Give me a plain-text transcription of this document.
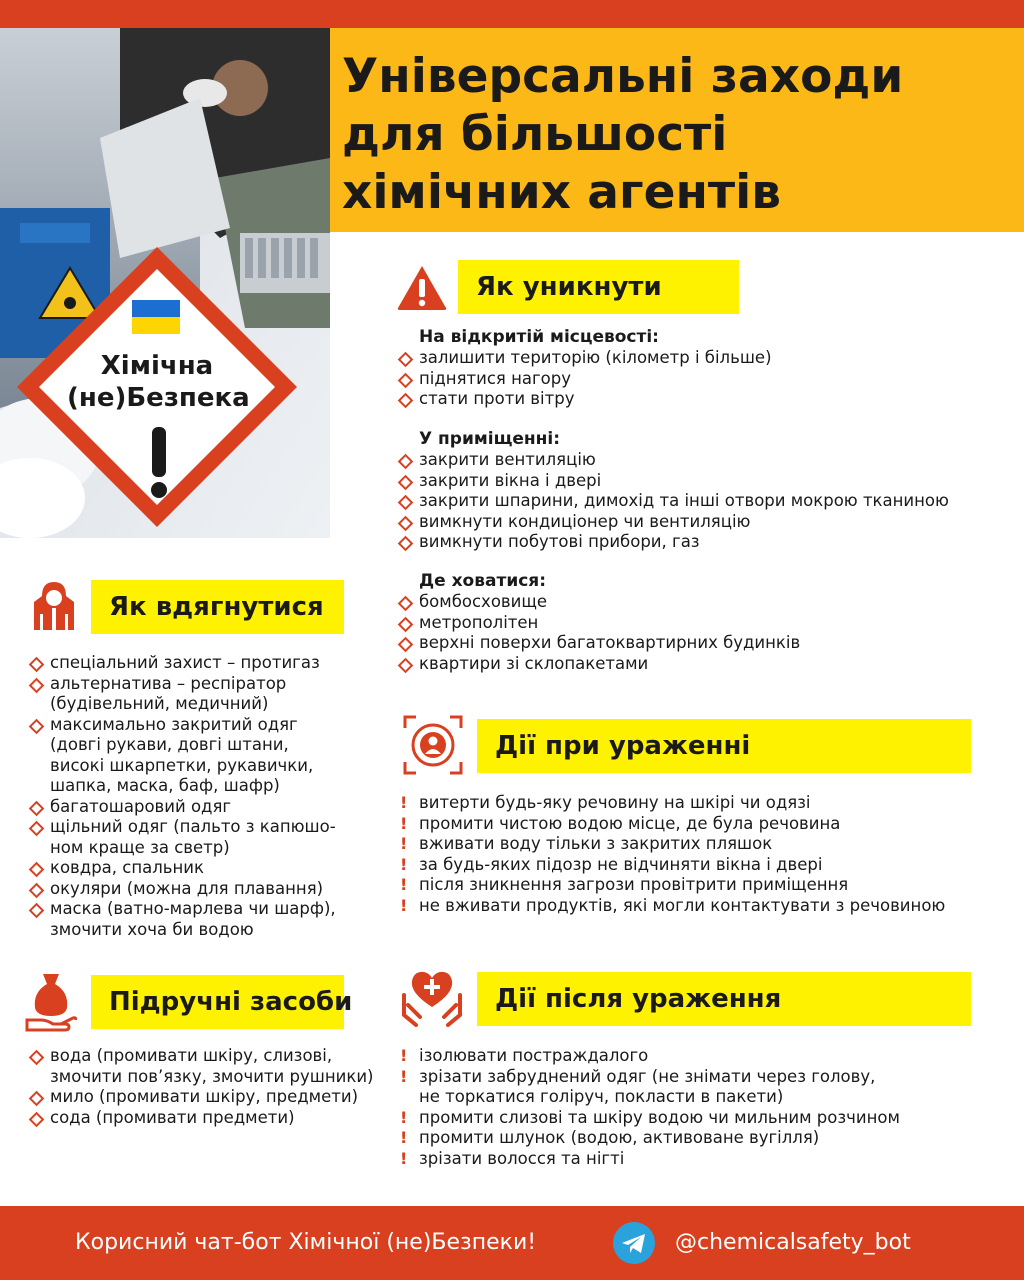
Універсальні заходи
для більшості
хімічних агентів
Хімічна
(не)Безпека
Як уникнути
На відкритій місцевості:
залишити територію (кілометр і більше)
піднятися нагору
стати проти вітру
У приміщенні:
закрити вентиляцію
закрити вікна і двері
закрити шпарини, димохід та інші отвори мокрою тканиною
вимкнути кондиціонер чи вентиляцію
вимкнути побутові прибори, газ
Де ховатися:
бомбосховище
метрополітен
верхні поверхи багатоквартирних будинків
квартири зі склопакетами
Як вдягнутися
спеціальний захист – протигаз
альтернатива – респіратор
(будівельний, медичний)
максимально закритий одяг
(довгі рукави, довгі штани,
високі шкарпетки, рукавички,
шапка, маска, баф, шафр)
багатошаровий одяг
щільний одяг (пальто з капюшо-
ном краще за светр)
ковдра, спальник
окуляри (можна для плавання)
маска (ватно-марлева чи шарф),
змочити хоча би водою
Дії при ураженні
! витерти будь-яку речовину на шкірі чи одязі
! промити чистою водою місце, де була речовина
! вживати воду тільки з закритих пляшок
! за будь-яких підозр не відчиняти вікна і двері
! після зникнення загрози провітрити приміщення
! не вживати продуктів, які могли контактувати з речовиною
Підручні засоби
вода (промивати шкіру, слизові,
змочити пов’язку, змочити рушники)
мило (промивати шкіру, предмети)
сода (промивати предмети)
Дії після ураження
! ізолювати постраждалого
! зрізати забруднений одяг (не знімати через голову,
не торкатися голіруч, покласти в пакети)
! промити слизові та шкіру водою чи мильним розчином
! промити шлунок (водою, активоване вугілля)
! зрізати волосся та нігті
Корисний чат-бот Хімічної (не)Безпеки!	@chemicalsafety_bot
